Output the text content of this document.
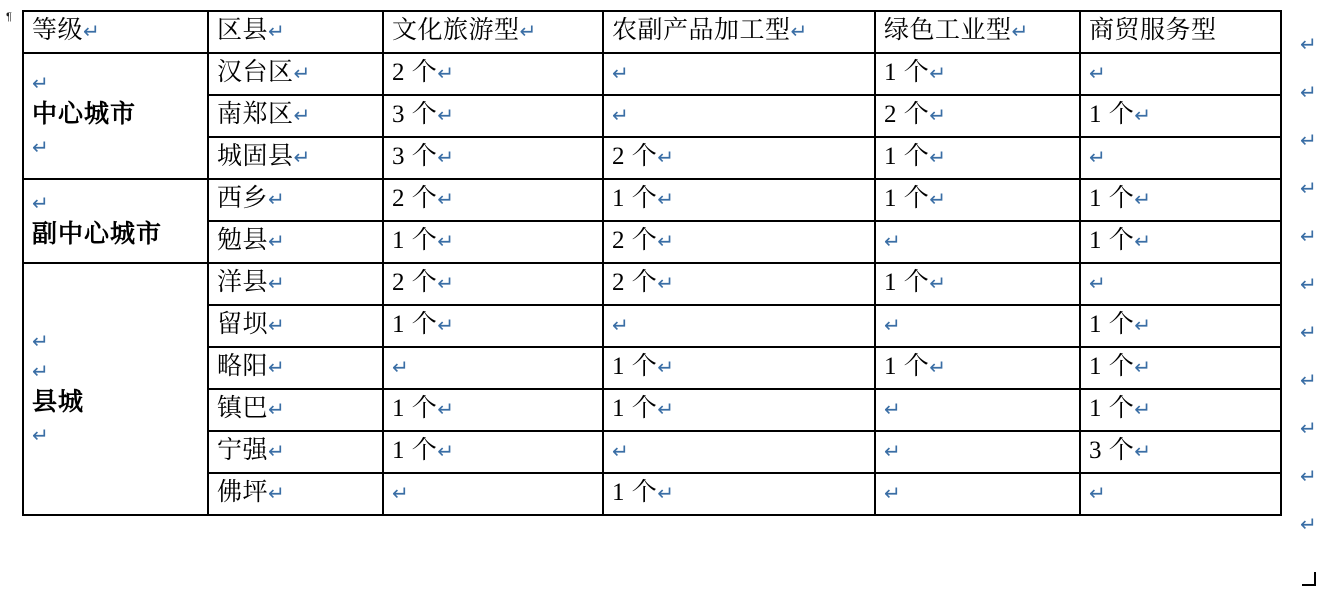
¶ 等级↵	区县↵	文化旅游型↵	农副产品加工型↵	绿色工业型↵	商贸服务型

↵
中心城市
↵	汉台区↵	2 个↵	↵	1 个↵	↵
	南郑区↵	3 个↵	↵	2 个↵	1 个↵
	城固县↵	3 个↵	2 个↵	1 个↵	↵

↵
副中心城市	西乡↵	2 个↵	1 个↵	1 个↵	1 个↵
	勉县↵	1 个↵	2 个↵	↵	1 个↵

↵
↵
县城
↵	洋县↵	2 个↵	2 个↵	1 个↵	↵
	留坝↵	1 个↵	↵	↵	1 个↵
	略阳↵	↵	1 个↵	1 个↵	1 个↵
	镇巴↵	1 个↵	1 个↵	↵	1 个↵
	宁强↵	1 个↵	↵	↵	3 个↵
	佛坪↵	↵	1 个↵	↵	↵
↵
↵
↵
↵
↵
↵
↵
↵
↵
↵
↵
